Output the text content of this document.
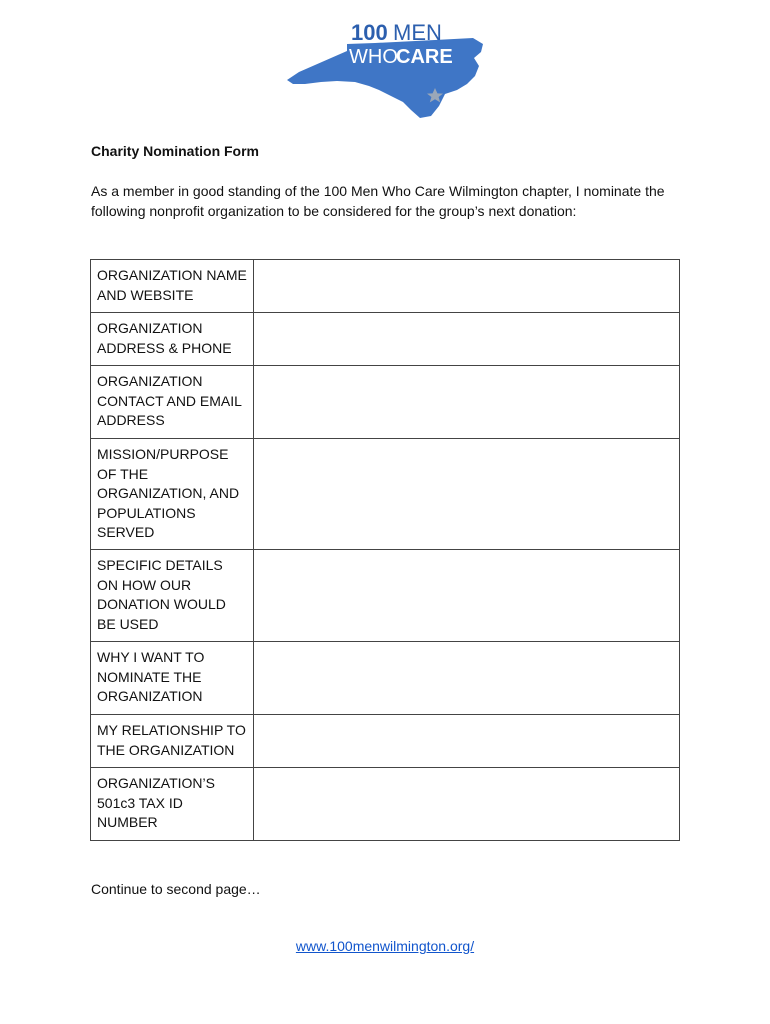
100 MEN
WHO
CARE
Charity Nomination Form
As a member in good standing of the 100 Men Who Care Wilmington chapter, I nominate the following nonprofit organization to be considered for the group’s next donation:
ORGANIZATION NAME AND WEBSITE	
ORGANIZATION ADDRESS & PHONE	
ORGANIZATION CONTACT AND EMAIL ADDRESS	
MISSION/PURPOSE OF THE ORGANIZATION, AND POPULATIONS SERVED	
SPECIFIC DETAILS ON HOW OUR DONATION WOULD BE USED	
WHY I WANT TO NOMINATE THE ORGANIZATION	
MY RELATIONSHIP TO THE ORGANIZATION	
ORGANIZATION’S 501c3 TAX ID NUMBER	
Continue to second page…
www.100menwilmington.org/
